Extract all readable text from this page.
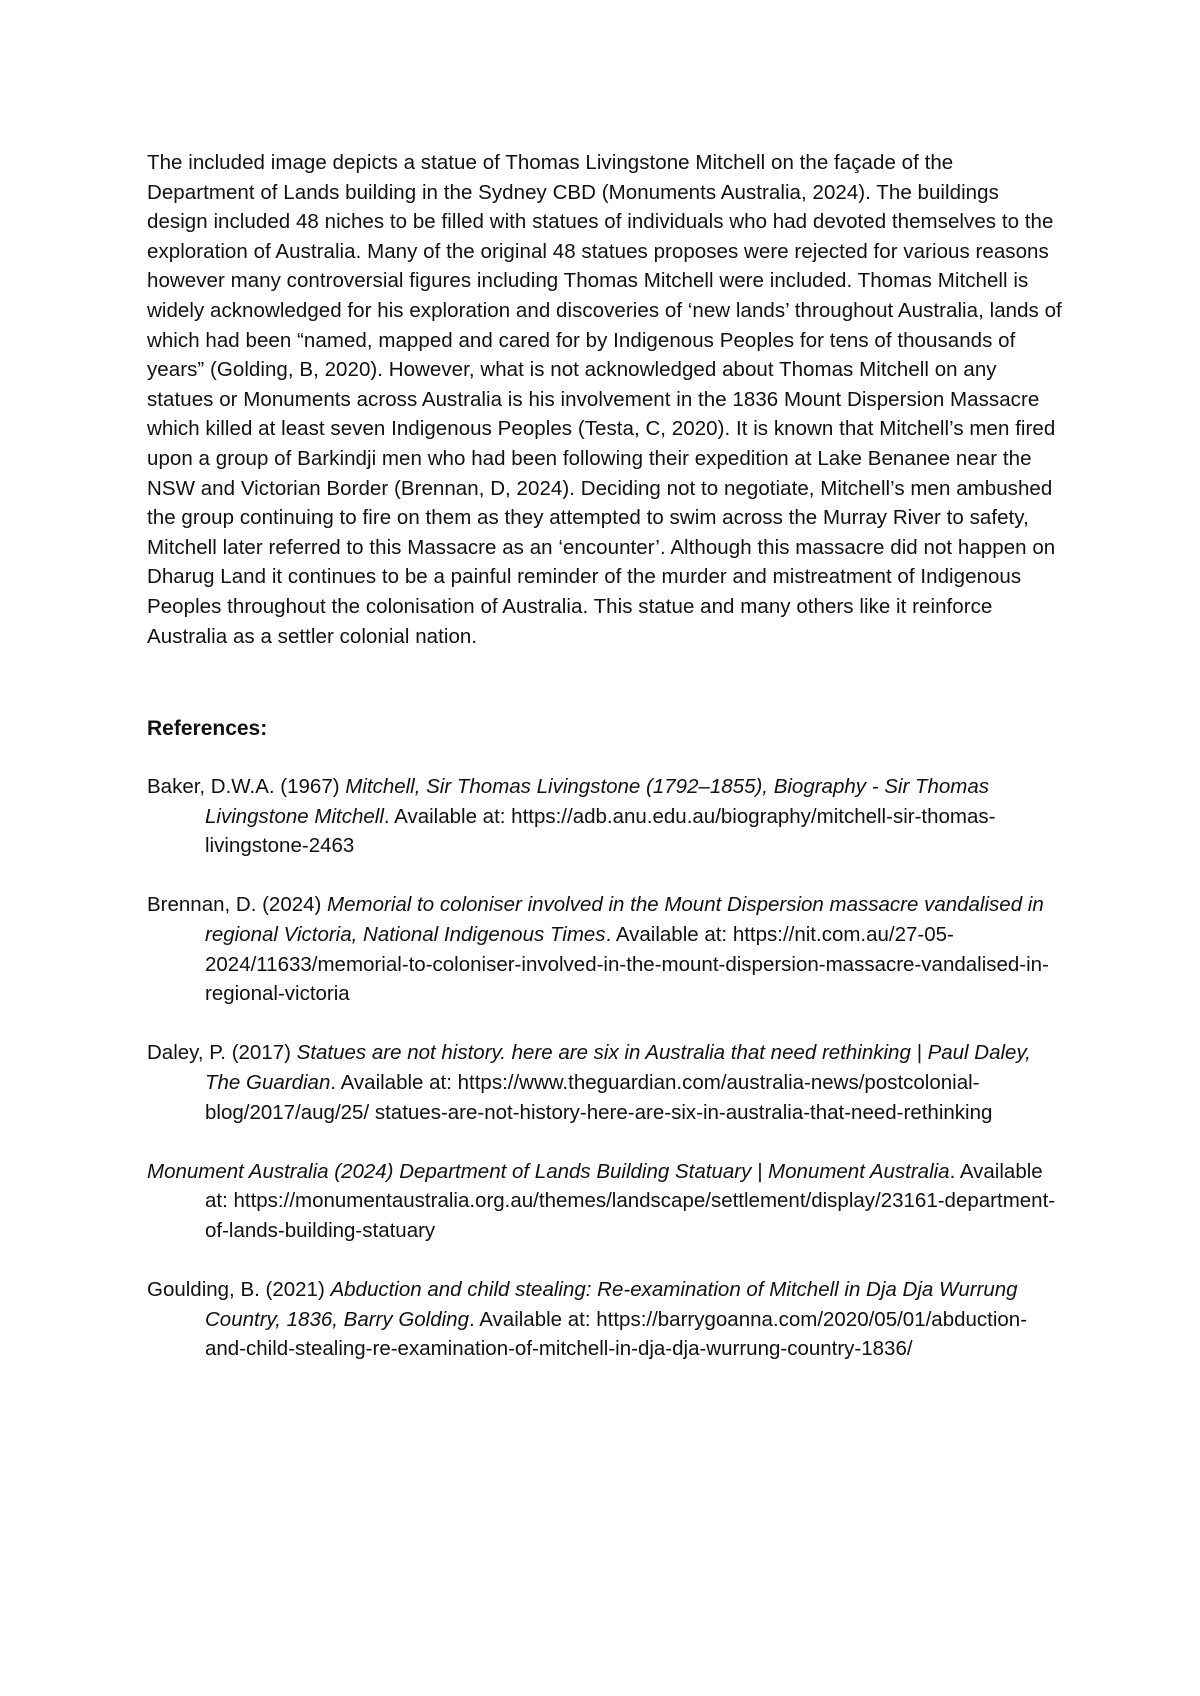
The included image depicts a statue of Thomas Livingstone Mitchell on the façade of the Department of Lands building in the Sydney CBD (Monuments Australia, 2024). The buildings design included 48 niches to be filled with statues of individuals who had devoted themselves to the exploration of Australia. Many of the original 48 statues proposes were rejected for various reasons however many controversial figures including Thomas Mitchell were included. Thomas Mitchell is widely acknowledged for his exploration and discoveries of ‘new lands’ throughout Australia, lands of which had been “named, mapped and cared for by Indigenous Peoples for tens of thousands of years” (Golding, B, 2020). However, what is not acknowledged about Thomas Mitchell on any statues or Monuments across Australia is his involvement in the 1836 Mount Dispersion Massacre which killed at least seven Indigenous Peoples (Testa, C, 2020). It is known that Mitchell’s men fired upon a group of Barkindji men who had been following their expedition at Lake Benanee near the NSW and Victorian Border (Brennan, D, 2024). Deciding not to negotiate, Mitchell’s men ambushed the group continuing to fire on them as they attempted to swim across the Murray River to safety, Mitchell later referred to this Massacre as an ‘encounter’. Although this massacre did not happen on Dharug Land it continues to be a painful reminder of the murder and mistreatment of Indigenous Peoples throughout the colonisation of Australia. This statue and many others like it reinforce Australia as a settler colonial nation.

References:

Baker, D.W.A. (1967) Mitchell, Sir Thomas Livingstone (1792–1855), Biography - Sir Thomas Livingstone Mitchell. Available at: https://adb.anu.edu.au/biography/mitchell-sir-thomas-livingstone-2463

Brennan, D. (2024) Memorial to coloniser involved in the Mount Dispersion massacre vandalised in regional Victoria, National Indigenous Times. Available at: https://nit.com.au/27-05-2024/11633/memorial-to-coloniser-involved-in-the-mount-dispersion-massacre-vandalised-in-regional-victoria

Daley, P. (2017) Statues are not history. here are six in Australia that need rethinking | Paul Daley, The Guardian. Available at: https://www.theguardian.com/australia-news/postcolonial-blog/2017/aug/25/ statues-are-not-history-here-are-six-in-australia-that-need-rethinking

Monument Australia (2024) Department of Lands Building Statuary | Monument Australia. Available at: https://monumentaustralia.org.au/themes/landscape/settlement/display/23161-department-of-lands-building-statuary

Goulding, B. (2021) Abduction and child stealing: Re-examination of Mitchell in Dja Dja Wurrung Country, 1836, Barry Golding. Available at: https://barrygoanna.com/2020/05/01/abduction-and-child-stealing-re-examination-of-mitchell-in-dja-dja-wurrung-country-1836/
